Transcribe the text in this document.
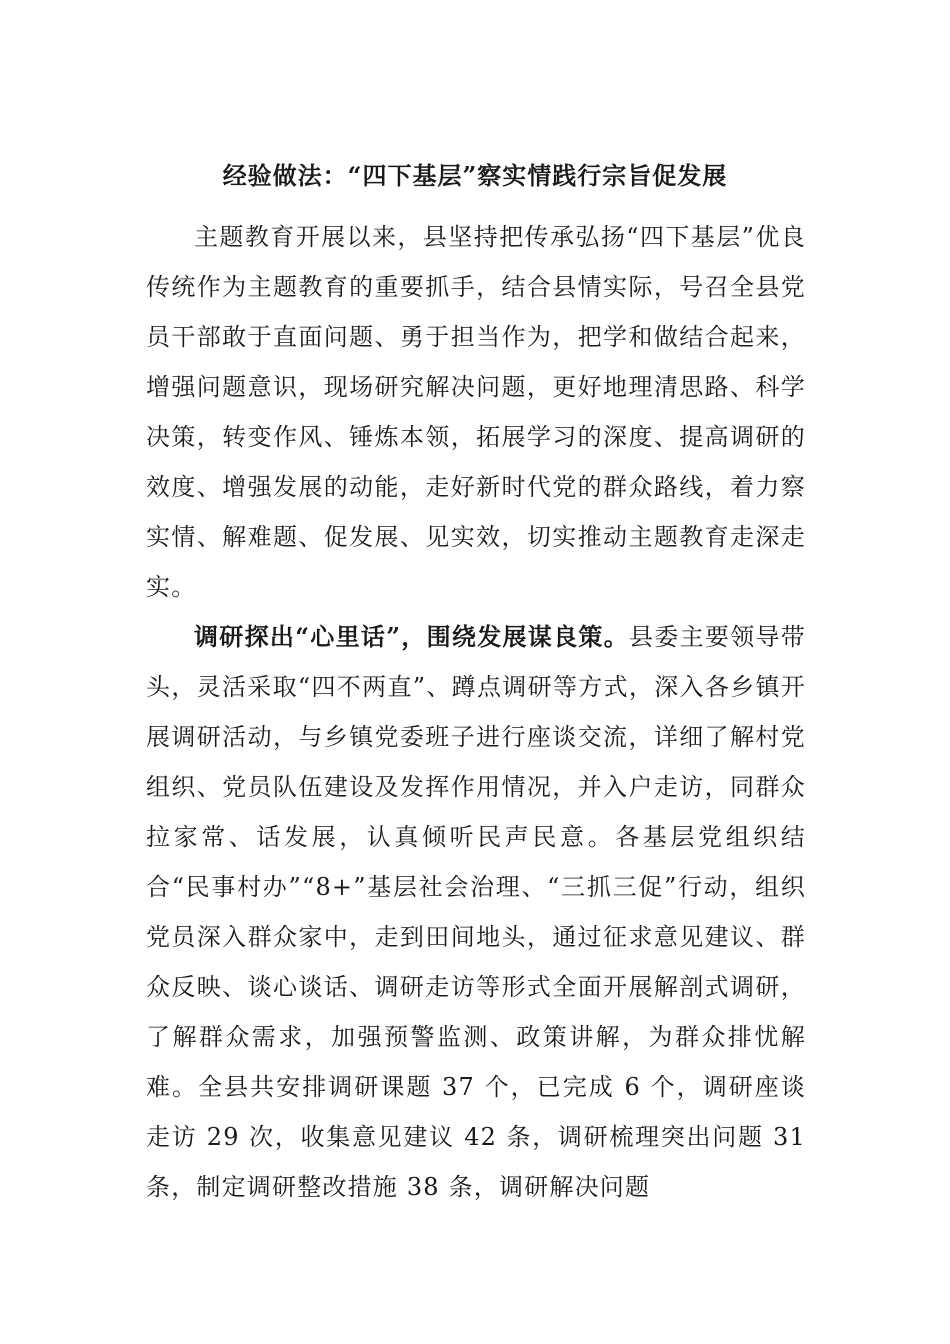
经验做法：“四下基层”察实情践行宗旨促发展

主题教育开展以来，县坚持把传承弘扬“四下基层”优良传统作为主题教育的重要抓手，结合县情实际，号召全县党员干部敢于直面问题、勇于担当作为，把学和做结合起来，增强问题意识，现场研究解决问题，更好地理清思路、科学决策，转变作风、锤炼本领，拓展学习的深度、提高调研的效度、增强发展的动能，走好新时代党的群众路线，着力察实情、解难题、促发展、见实效，切实推动主题教育走深走实。

调研探出“心里话”，围绕发展谋良策。县委主要领导带头，灵活采取“四不两直”、蹲点调研等方式，深入各乡镇开展调研活动，与乡镇党委班子进行座谈交流，详细了解村党组织、党员队伍建设及发挥作用情况，并入户走访，同群众拉家常、话发展，认真倾听民声民意。各基层党组织结合“民事村办”“8+”基层社会治理、“三抓三促”行动，组织党员深入群众家中，走到田间地头，通过征求意见建议、群众反映、谈心谈话、调研走访等形式全面开展解剖式调研，了解群众需求，加强预警监测、政策讲解，为群众排忧解难。全县共安排调研课题 37 个，已完成 6 个，调研座谈走访 29 次，收集意见建议 42 条，调研梳理突出问题 31 条，制定调研整改措施 38 条，调研解决问题
